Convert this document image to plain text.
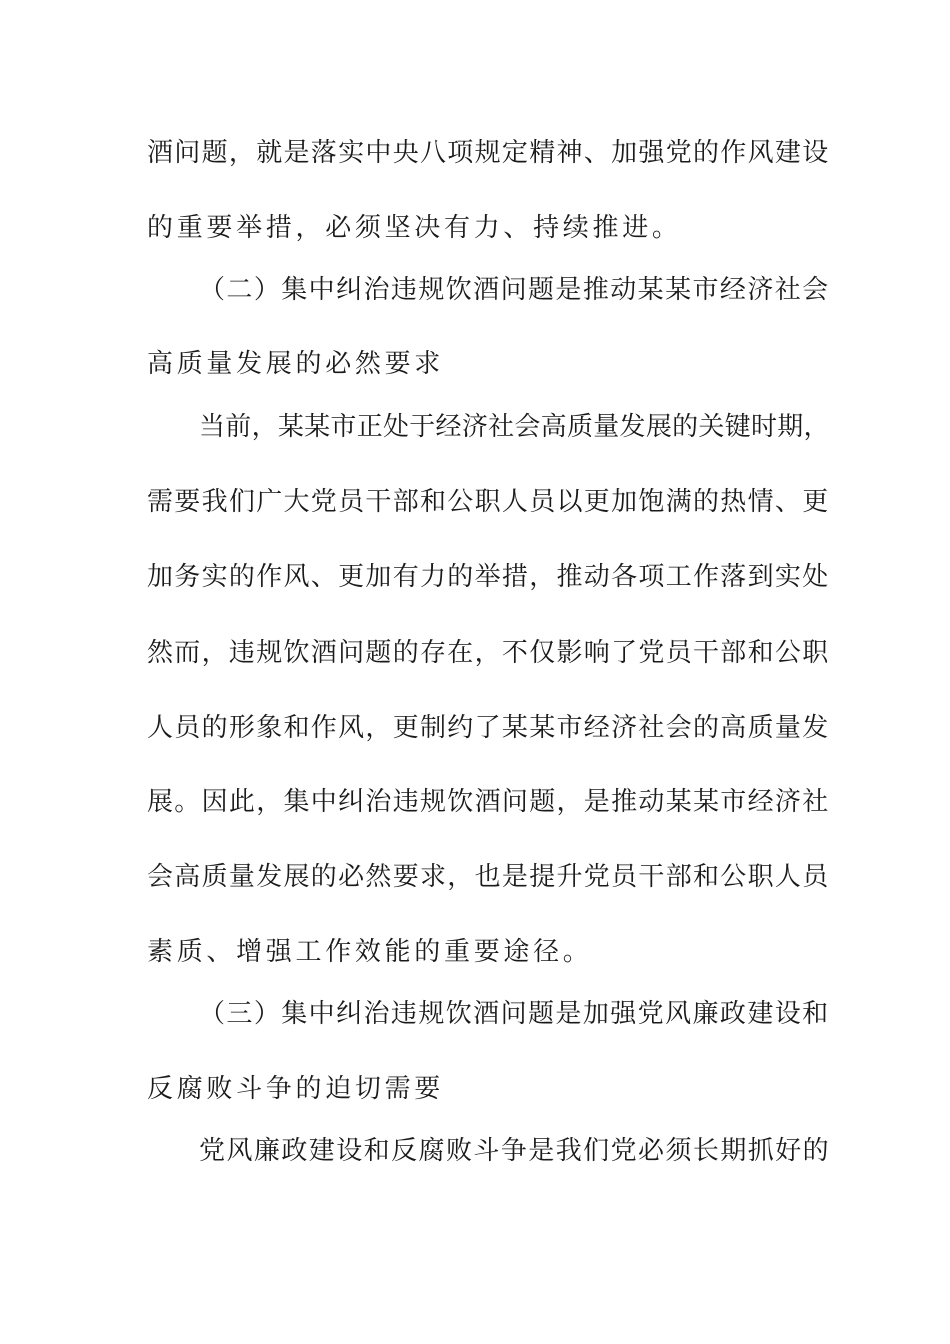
酒问题，就是落实中央八项规定精神、加强党的作风建设
的重要举措，必须坚决有力、持续推进。
（二）集中纠治违规饮酒问题是推动某某市经济社会
高质量发展的必然要求
当前，某某市正处于经济社会高质量发展的关键时期，
需要我们广大党员干部和公职人员以更加饱满的热情、更
加务实的作风、更加有力的举措，推动各项工作落到实处
然而，违规饮酒问题的存在，不仅影响了党员干部和公职
人员的形象和作风，更制约了某某市经济社会的高质量发
展。因此，集中纠治违规饮酒问题，是推动某某市经济社
会高质量发展的必然要求，也是提升党员干部和公职人员
素质、增强工作效能的重要途径。
（三）集中纠治违规饮酒问题是加强党风廉政建设和
反腐败斗争的迫切需要
党风廉政建设和反腐败斗争是我们党必须长期抓好的
